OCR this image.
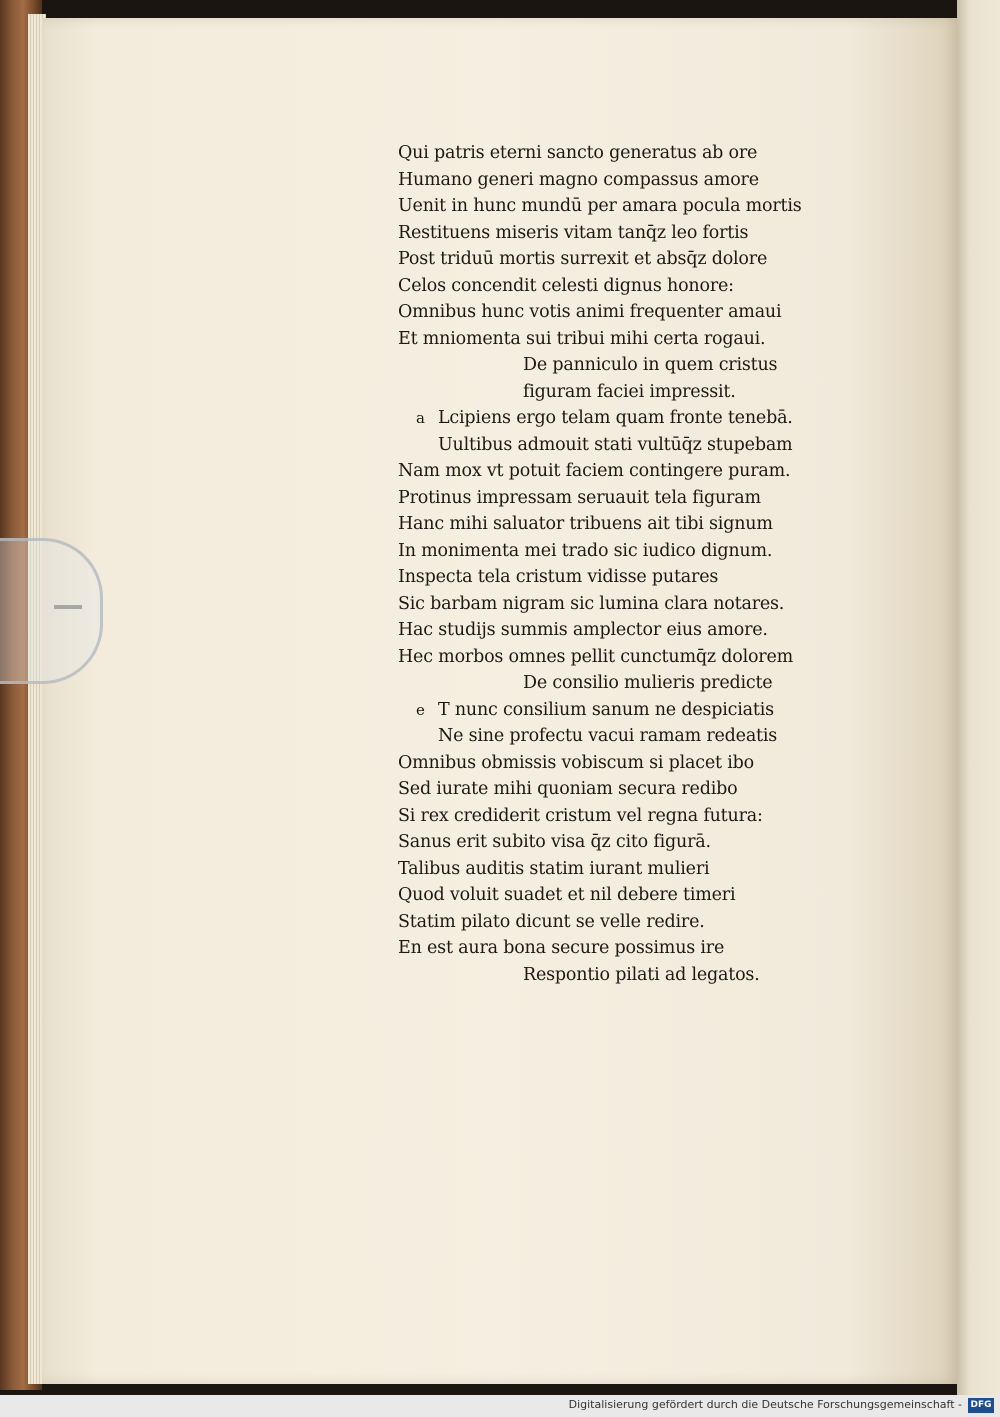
Qui patris eterni sancto generatus ab ore
Humano generi magno compassus amore
Uenit in hunc mundū per amara pocula mortis
Restituens miseris vitam tanq̄z leo fortis
Post triduū mortis surrexit et absq̄z dolore
Celos concendit celesti dignus honore:
Omnibus hunc votis animi frequenter amaui
Et mniomenta sui tribui mihi certa rogaui.
De panniculo in quem cristus
figuram faciei impressit.
a Lcipiens ergo telam quam fronte tenebā.
Uultibus admouit stati vultūq̄z stupebam
Nam mox vt potuit faciem contingere puram.
Protinus impressam seruauit tela figuram
Hanc mihi saluator tribuens ait tibi signum
In monimenta mei trado sic iudico dignum.
Inspecta tela cristum vidisse putares
Sic barbam nigram sic lumina clara notares.
Hac studijs summis amplector eius amore.
Hec morbos omnes pellit cunctumq̄z dolorem
De consilio mulieris predicte
e T nunc consilium sanum ne despiciatis
Ne sine profectu vacui ramam redeatis
Omnibus obmissis vobiscum si placet ibo
Sed iurate mihi quoniam secura redibo
Si rex crediderit cristum vel regna futura:
Sanus erit subito visa q̄z cito figurā.
Talibus auditis statim iurant mulieri
Quod voluit suadet et nil debere timeri
Statim pilato dicunt se velle redire.
En est aura bona secure possimus ire
Respontio pilati ad legatos.
Digitalisierung gefördert durch die Deutsche Forschungsgemeinschaft - DFG
